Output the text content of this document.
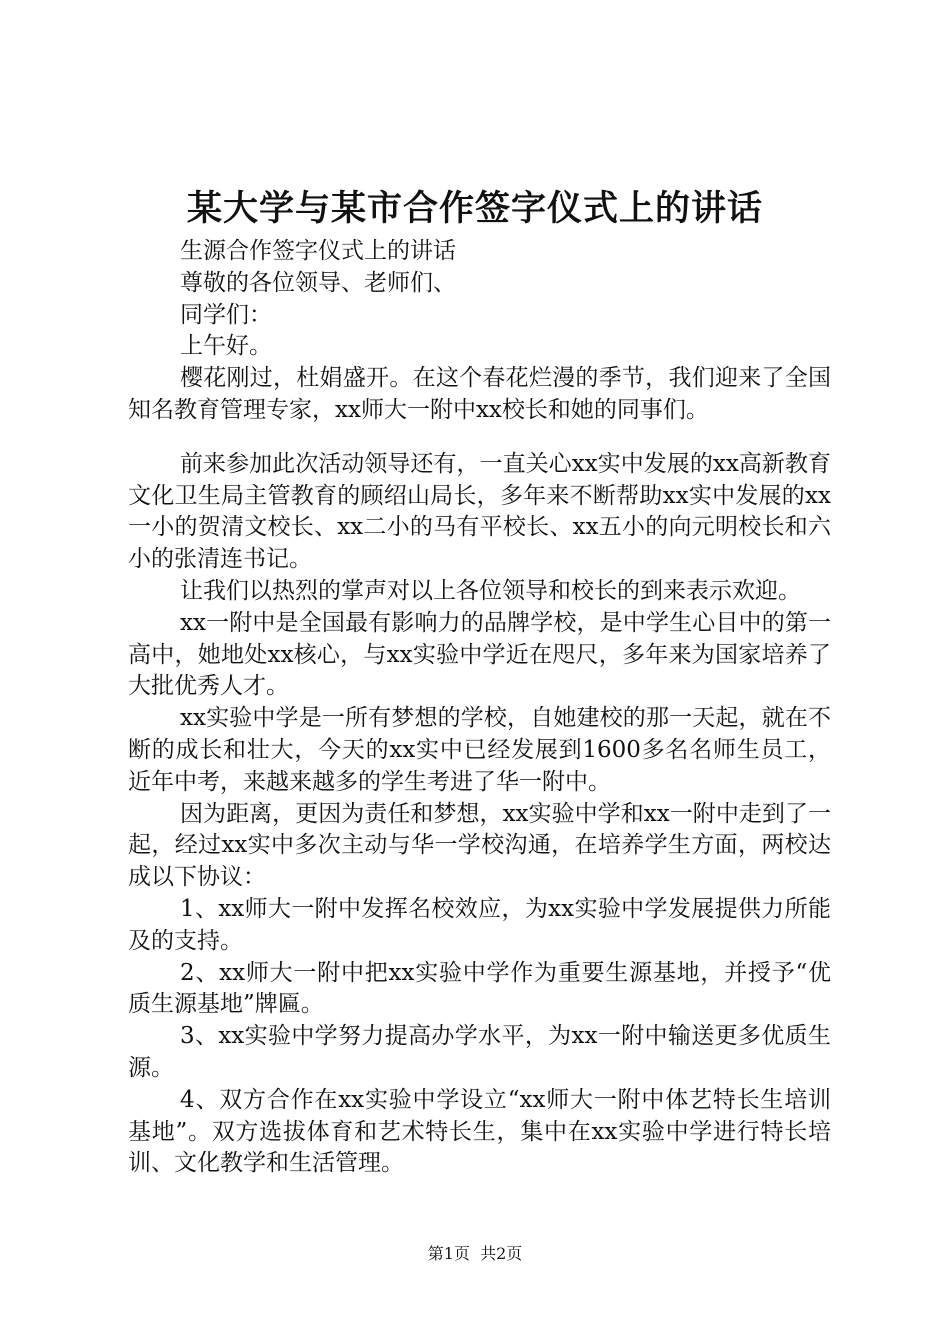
某大学与某市合作签字仪式上的讲话

生源合作签字仪式上的讲话

尊敬的各位领导、老师们、

同学们：

上午好。

樱花刚过，杜娟盛开。在这个春花烂漫的季节，我们迎来了全国知名教育管理专家，xx师大一附中xx校长和她的同事们。

前来参加此次活动领导还有，一直关心xx实中发展的xx高新教育文化卫生局主管教育的顾绍山局长，多年来不断帮助xx实中发展的xx一小的贺清文校长、xx二小的马有平校长、xx五小的向元明校长和六小的张清连书记。

让我们以热烈的掌声对以上各位领导和校长的到来表示欢迎。

xx一附中是全国最有影响力的品牌学校，是中学生心目中的第一高中，她地处xx核心，与xx实验中学近在咫尺，多年来为国家培养了大批优秀人才。

xx实验中学是一所有梦想的学校，自她建校的那一天起，就在不断的成长和壮大，今天的xx实中已经发展到1600多名名师生员工，近年中考，来越来越多的学生考进了华一附中。

因为距离，更因为责任和梦想，xx实验中学和xx一附中走到了一起，经过xx实中多次主动与华一学校沟通，在培养学生方面，两校达成以下协议：

1、xx师大一附中发挥名校效应，为xx实验中学发展提供力所能及的支持。

2、xx师大一附中把xx实验中学作为重要生源基地，并授予“优质生源基地”牌匾。

3、xx实验中学努力提高办学水平，为xx一附中输送更多优质生源。

4、双方合作在xx实验中学设立“xx师大一附中体艺特长生培训基地”。双方选拔体育和艺术特长生，集中在xx实验中学进行特长培训、文化教学和生活管理。

第1页 共2页
